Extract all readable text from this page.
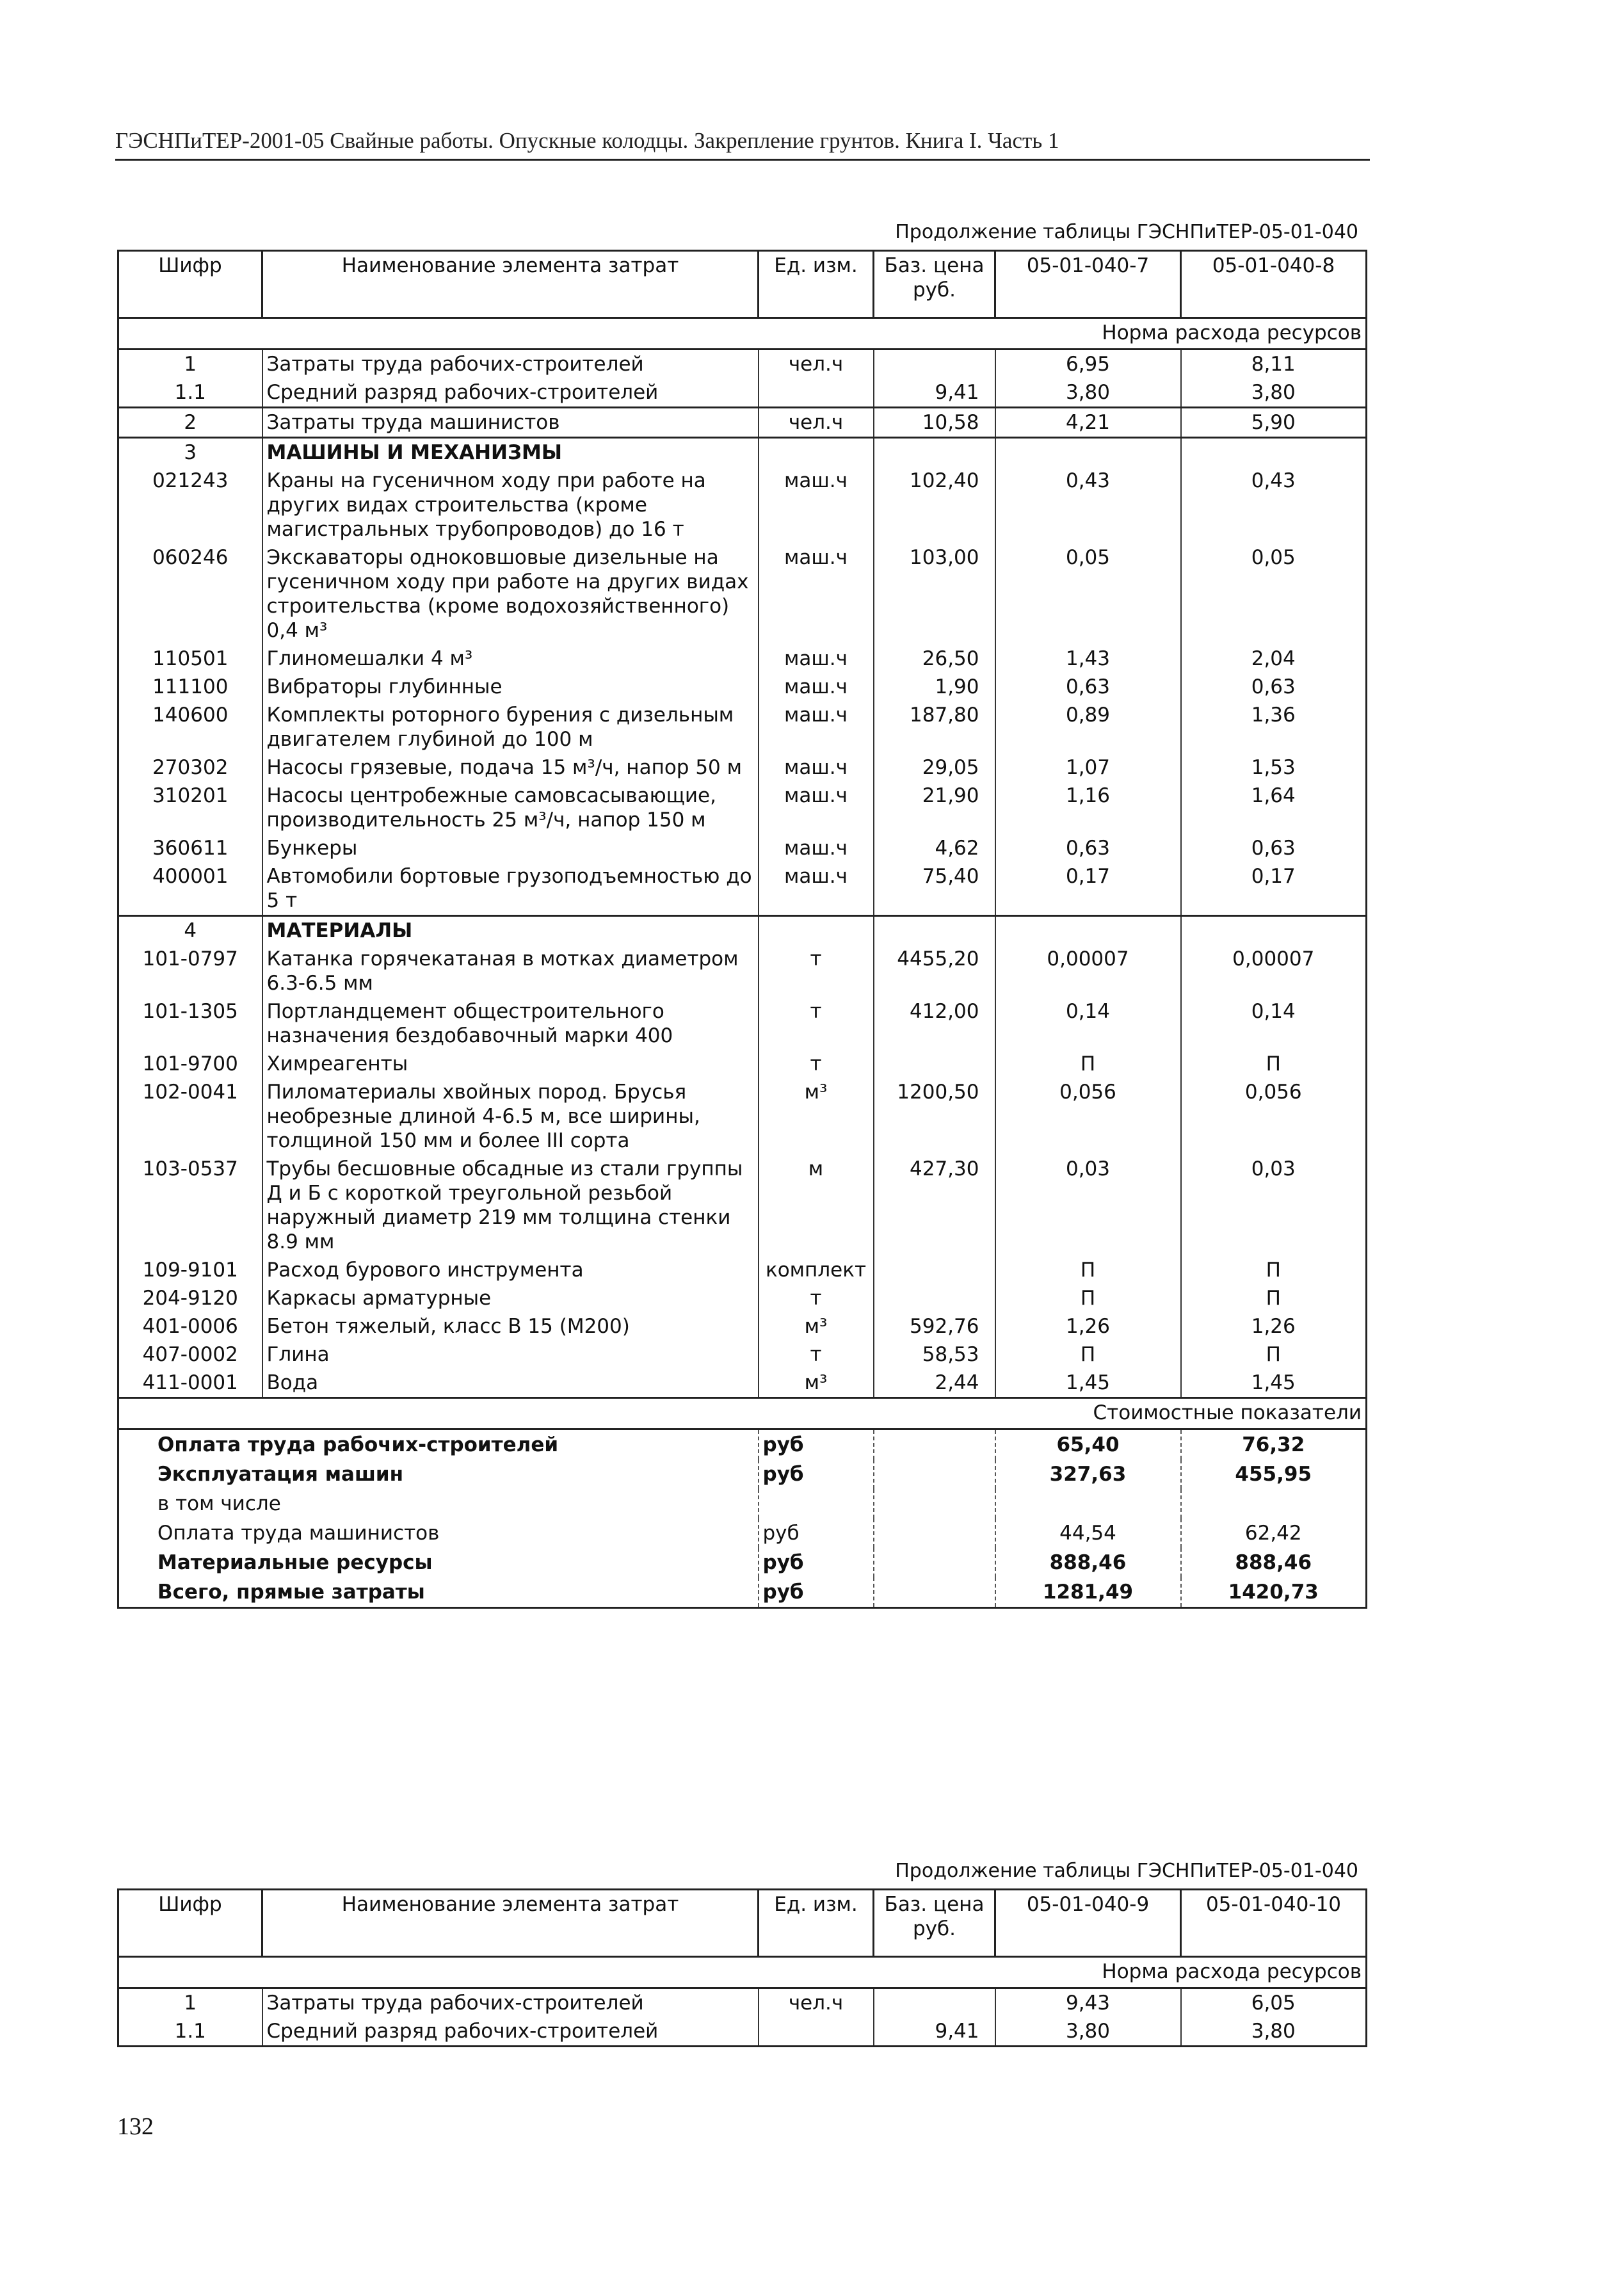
ГЭСНПиТЕР-2001-05 Свайные работы. Опускные колодцы. Закрепление грунтов. Книга I. Часть 1
Продолжение таблицы ГЭСНПиТЕР-05-01-040
Шифр	Наименование элемента затрат	Ед. изм.	Баз. цена руб.	05-01-040-7	05-01-040-8
Норма расхода ресурсов					
1	Затраты труда рабочих-строителей	чел.ч		6,95	8,11
1.1	Средний разряд рабочих-строителей		9,41	3,80	3,80
2	Затраты труда машинистов	чел.ч	10,58	4,21	5,90
3	МАШИНЫ И МЕХАНИЗМЫ				
021243	Краны на гусеничном ходу при работе на других видах строительства (кроме магистральных трубопроводов) до 16 т	маш.ч	102,40	0,43	0,43
060246	Экскаваторы одноковшовые дизельные на гусеничном ходу при работе на других видах строительства (кроме водохозяйственного) 0,4 м³	маш.ч	103,00	0,05	0,05
110501	Глиномешалки 4 м³	маш.ч	26,50	1,43	2,04
111100	Вибраторы глубинные	маш.ч	1,90	0,63	0,63
140600	Комплекты роторного бурения с дизельным двигателем глубиной до 100 м	маш.ч	187,80	0,89	1,36
270302	Насосы грязевые, подача 15 м³/ч, напор 50 м	маш.ч	29,05	1,07	1,53
310201	Насосы центробежные самовсасывающие, производительность 25 м³/ч, напор 150 м	маш.ч	21,90	1,16	1,64
360611	Бункеры	маш.ч	4,62	0,63	0,63
400001	Автомобили бортовые грузоподъемностью до 5 т	маш.ч	75,40	0,17	0,17
4	МАТЕРИАЛЫ				
101-0797	Катанка горячекатаная в мотках диаметром 6.3-6.5 мм	т	4455,20	0,00007	0,00007
101-1305	Портландцемент общестроительного назначения бездобавочный марки 400	т	412,00	0,14	0,14
101-9700	Химреагенты	т		П	П
102-0041	Пиломатериалы хвойных пород. Брусья необрезные длиной 4-6.5 м, все ширины, толщиной 150 мм и более III сорта	м³	1200,50	0,056	0,056
103-0537	Трубы бесшовные обсадные из стали группы Д и Б с короткой треугольной резьбой наружный диаметр 219 мм толщина стенки 8.9 мм	м	427,30	0,03	0,03
109-9101	Расход бурового инструмента	комплект		П	П
204-9120	Каркасы арматурные	т		П	П
401-0006	Бетон тяжелый, класс В 15 (М200)	м³	592,76	1,26	1,26
407-0002	Глина	т	58,53	П	П
411-0001	Вода	м³	2,44	1,45	1,45
Стоимостные показатели					
Оплата труда рабочих-строителей		руб		65,40	76,32
Эксплуатация машин		руб		327,63	455,95
в том числе					
Оплата труда машинистов		руб		44,54	62,42
Материальные ресурсы		руб		888,46	888,46
Всего, прямые затраты		руб		1281,49	1420,73
Продолжение таблицы ГЭСНПиТЕР-05-01-040
Шифр	Наименование элемента затрат	Ед. изм.	Баз. цена руб.	05-01-040-9	05-01-040-10
Норма расхода ресурсов					
1	Затраты труда рабочих-строителей	чел.ч		9,43	6,05
1.1	Средний разряд рабочих-строителей		9,41	3,80	3,80
132
